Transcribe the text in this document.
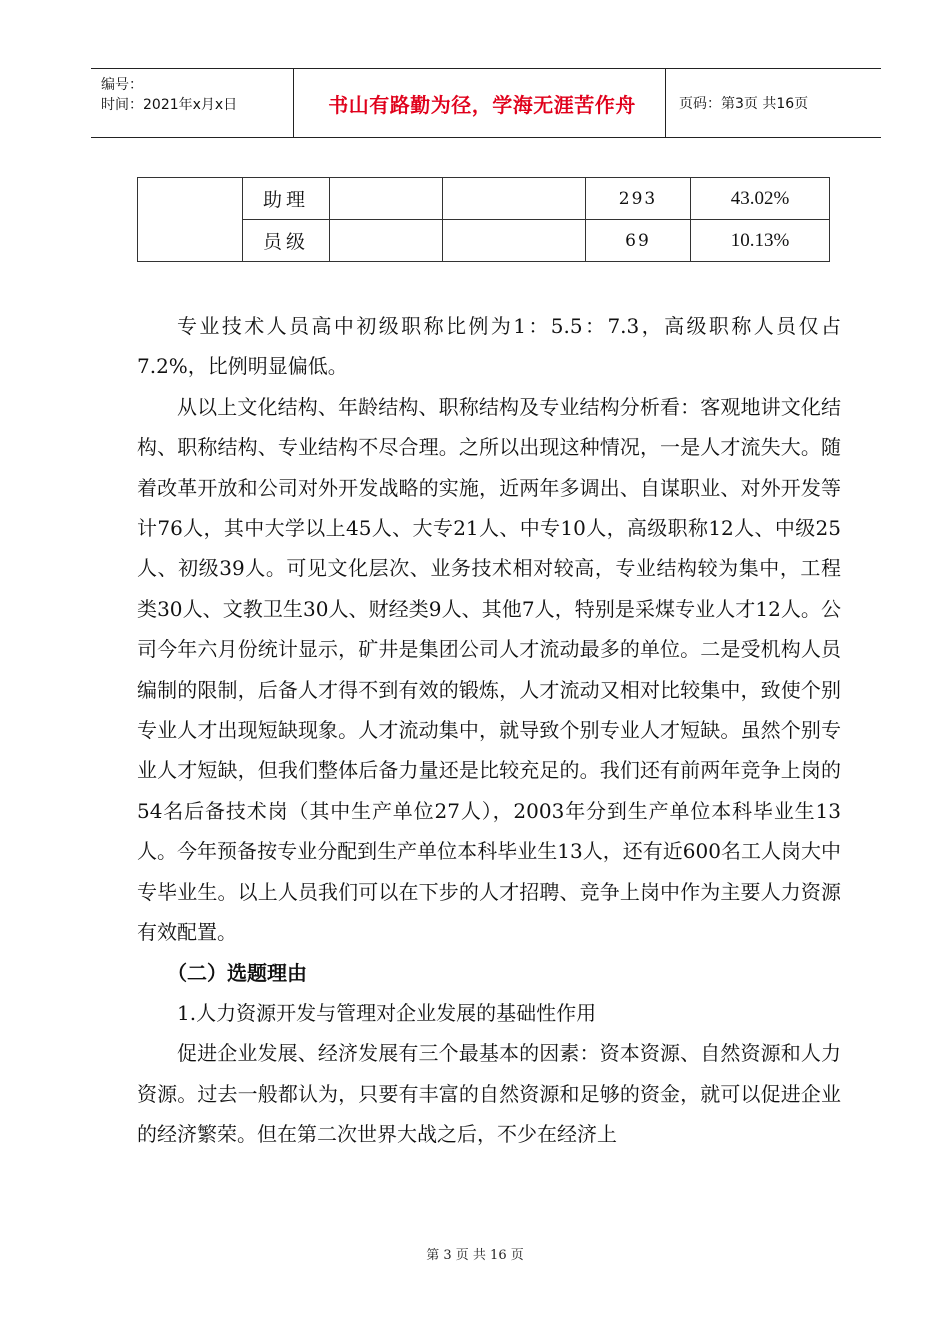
编号：
时间：2021年x月x日	书山有路勤为径，学海无涯苦作舟	页码：第3页 共16页
	助理			293	43.02%
	员级			69	10.13%

专业技术人员高中初级职称比例为1：5.5：7.3，高级职称人员仅占7.2%，比例明显偏低。

从以上文化结构、年龄结构、职称结构及专业结构分析看：客观地讲文化结构、职称结构、专业结构不尽合理。之所以出现这种情况，一是人才流失大。随着改革开放和公司对外开发战略的实施，近两年多调出、自谋职业、对外开发等计76人，其中大学以上45人、大专21人、中专10人，高级职称12人、中级25人、初级39人。可见文化层次、业务技术相对较高，专业结构较为集中，工程类30人、文教卫生30人、财经类9人、其他7人，特别是采煤专业人才12人。公司今年六月份统计显示，矿井是集团公司人才流动最多的单位。二是受机构人员编制的限制，后备人才得不到有效的锻炼，人才流动又相对比较集中，致使个别专业人才出现短缺现象。人才流动集中，就导致个别专业人才短缺。虽然个别专业人才短缺，但我们整体后备力量还是比较充足的。我们还有前两年竞争上岗的54名后备技术岗（其中生产单位27人），2003年分到生产单位本科毕业生13人。今年预备按专业分配到生产单位本科毕业生13人，还有近600名工人岗大中专毕业生。以上人员我们可以在下步的人才招聘、竞争上岗中作为主要人力资源有效配置。

（二）选题理由

1.人力资源开发与管理对企业发展的基础性作用

促进企业发展、经济发展有三个最基本的因素：资本资源、自然资源和人力资源。过去一般都认为，只要有丰富的自然资源和足够的资金，就可以促进企业的经济繁荣。但在第二次世界大战之后，不少在经济上

第 3 页 共 16 页
